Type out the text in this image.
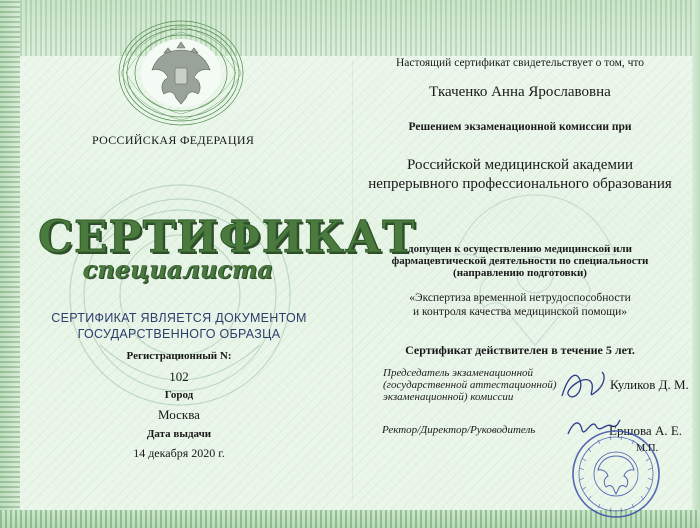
РОССИЙСКАЯ ФЕДЕРАЦИЯ
СЕРТИФИКАТ
специалиста
СЕРТИФИКАТ ЯВЛЯЕТСЯ ДОКУМЕНТОМ
ГОСУДАРСТВЕННОГО ОБРАЗЦА
Регистрационный N:
102
Город
Москва
Дата выдачи
14 декабря 2020 г.
Настоящий сертификат свидетельствует о том, что
Ткаченко Анна Ярославовна
Решением экзаменационной комиссии при
Российской медицинской академии
непрерывного профессионального образования
допущен к осуществлению медицинской или
фармацевтической деятельности по специальности
(направлению подготовки)
«Экспертиза временной нетрудоспособности
и контроля качества медицинской помощи»
Сертификат действителен в течение 5 лет.
Председатель экзаменационной
(государственной аттестационной)
экзаменационной) комиссии
Куликов Д. М.
Ректор/Директор/Руководитель	Ершова А. Е.
М.П.
